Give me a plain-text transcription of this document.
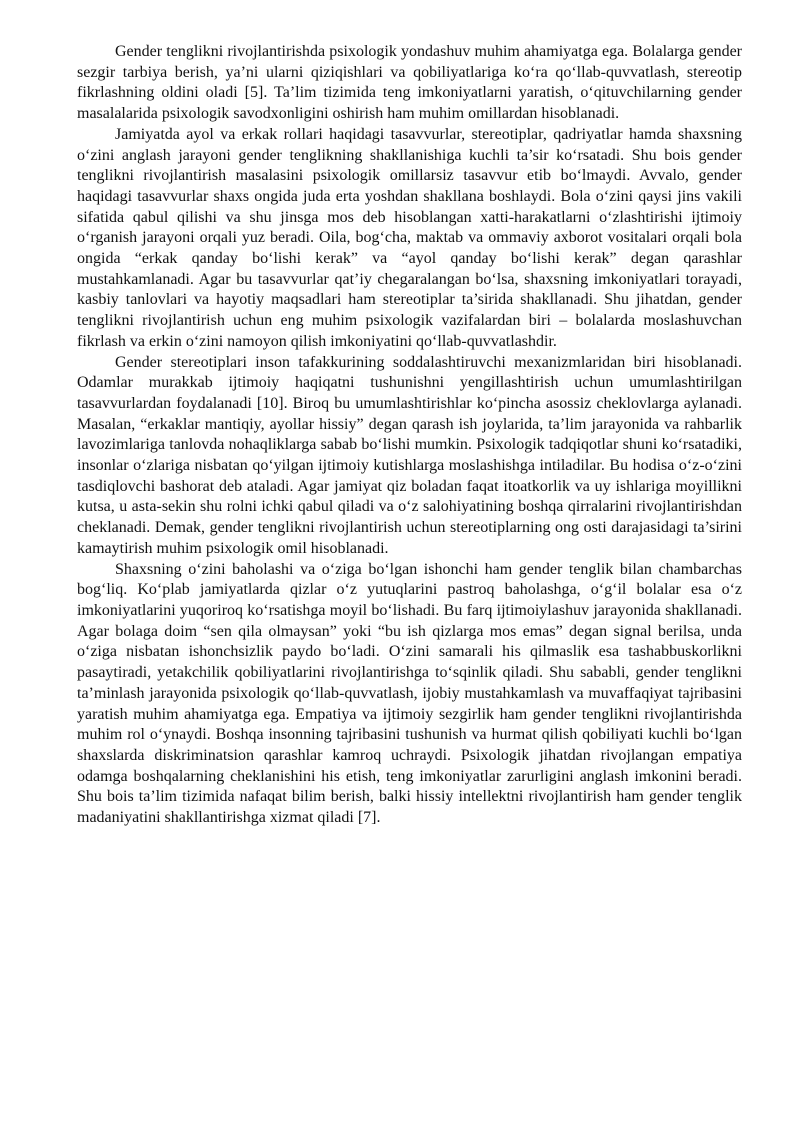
Gender tenglikni rivojlantirishda psixologik yondashuv muhim ahamiyatga ega. Bolalarga gender sezgir tarbiya berish, ya’ni ularni qiziqishlari va qobiliyatlariga ko‘ra qo‘llab-quvvatlash, stereotip fikrlashning oldini oladi [5]. Ta’lim tizimida teng imkoniyatlarni yaratish, o‘qituvchilarning gender masalalarida psixologik savodxonligini oshirish ham muhim omillardan hisoblanadi.

Jamiyatda ayol va erkak rollari haqidagi tasavvurlar, stereotiplar, qadriyatlar hamda shaxsning o‘zini anglash jarayoni gender tenglikning shakllanishiga kuchli ta’sir ko‘rsatadi. Shu bois gender tenglikni rivojlantirish masalasini psixologik omillarsiz tasavvur etib bo‘lmaydi. Avvalo, gender haqidagi tasavvurlar shaxs ongida juda erta yoshdan shakllana boshlaydi. Bola o‘zini qaysi jins vakili sifatida qabul qilishi va shu jinsga mos deb hisoblangan xatti-harakatlarni o‘zlashtirishi ijtimoiy o‘rganish jarayoni orqali yuz beradi. Oila, bog‘cha, maktab va ommaviy axborot vositalari orqali bola ongida “erkak qanday bo‘lishi kerak” va “ayol qanday bo‘lishi kerak” degan qarashlar mustahkamlanadi. Agar bu tasavvurlar qat’iy chegaralangan bo‘lsa, shaxsning imkoniyatlari torayadi, kasbiy tanlovlari va hayotiy maqsadlari ham stereotiplar ta’sirida shakllanadi. Shu jihatdan, gender tenglikni rivojlantirish uchun eng muhim psixologik vazifalardan biri – bolalarda moslashuvchan fikrlash va erkin o‘zini namoyon qilish imkoniyatini qo‘llab-quvvatlashdir.

Gender stereotiplari inson tafakkurining soddalashtiruvchi mexanizmlaridan biri hisoblanadi. Odamlar murakkab ijtimoiy haqiqatni tushunishni yengillashtirish uchun umumlashtirilgan tasavvurlardan foydalanadi [10]. Biroq bu umumlashtirishlar ko‘pincha asossiz cheklovlarga aylanadi. Masalan, “erkaklar mantiqiy, ayollar hissiy” degan qarash ish joylarida, ta’lim jarayonida va rahbarlik lavozimlariga tanlovda nohaqliklarga sabab bo‘lishi mumkin. Psixologik tadqiqotlar shuni ko‘rsatadiki, insonlar o‘zlariga nisbatan qo‘yilgan ijtimoiy kutishlarga moslashishga intiladilar. Bu hodisa o‘z-o‘zini tasdiqlovchi bashorat deb ataladi. Agar jamiyat qiz boladan faqat itoatkorlik va uy ishlariga moyillikni kutsa, u asta-sekin shu rolni ichki qabul qiladi va o‘z salohiyatining boshqa qirralarini rivojlantirishdan cheklanadi. Demak, gender tenglikni rivojlantirish uchun stereotiplarning ong osti darajasidagi ta’sirini kamaytirish muhim psixologik omil hisoblanadi.

Shaxsning o‘zini baholashi va o‘ziga bo‘lgan ishonchi ham gender tenglik bilan chambarchas bog‘liq. Ko‘plab jamiyatlarda qizlar o‘z yutuqlarini pastroq baholashga, o‘g‘il bolalar esa o‘z imkoniyatlarini yuqoriroq ko‘rsatishga moyil bo‘lishadi. Bu farq ijtimoiylashuv jarayonida shakllanadi. Agar bolaga doim “sen qila olmaysan” yoki “bu ish qizlarga mos emas” degan signal berilsa, unda o‘ziga nisbatan ishonchsizlik paydo bo‘ladi. O‘zini samarali his qilmaslik esa tashabbuskorlikni pasaytiradi, yetakchilik qobiliyatlarini rivojlantirishga to‘sqinlik qiladi. Shu sababli, gender tenglikni ta’minlash jarayonida psixologik qo‘llab-quvvatlash, ijobiy mustahkamlash va muvaffaqiyat tajribasini yaratish muhim ahamiyatga ega. Empatiya va ijtimoiy sezgirlik ham gender tenglikni rivojlantirishda muhim rol o‘ynaydi. Boshqa insonning tajribasini tushunish va hurmat qilish qobiliyati kuchli bo‘lgan shaxslarda diskriminatsion qarashlar kamroq uchraydi. Psixologik jihatdan rivojlangan empatiya odamga boshqalarning cheklanishini his etish, teng imkoniyatlar zarurligini anglash imkonini beradi. Shu bois ta’lim tizimida nafaqat bilim berish, balki hissiy intellektni rivojlantirish ham gender tenglik madaniyatini shakllantirishga xizmat qiladi [7].
